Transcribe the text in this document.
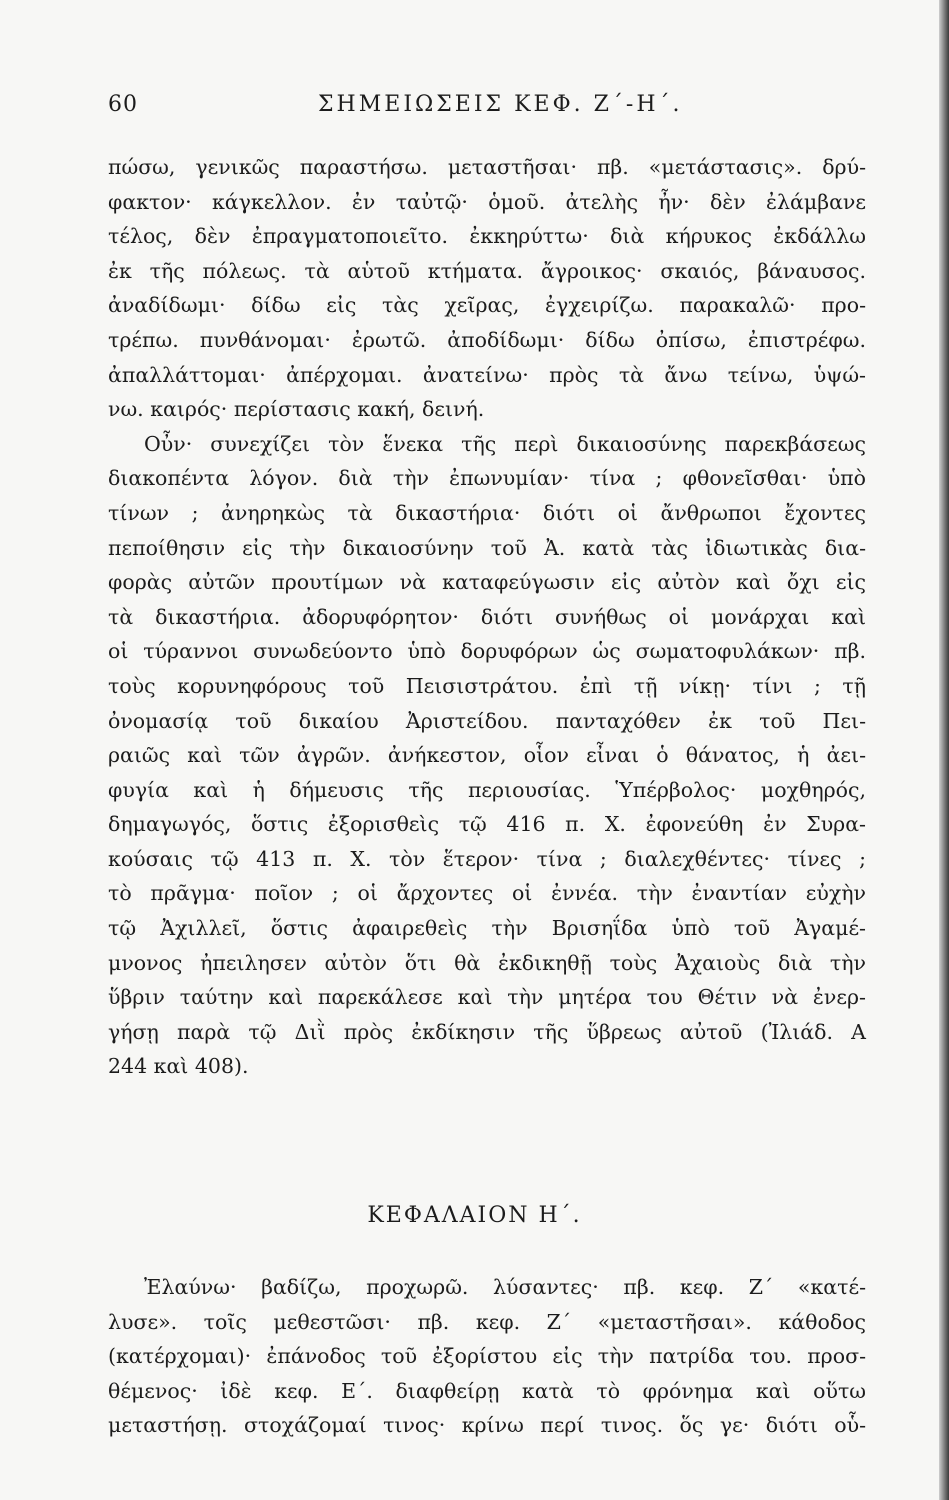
60	ΣΗΜΕΙΩΣΕΙΣ ΚΕΦ. Ζ΄-Η΄.
πώσω, γενικῶς παραστήσω. μεταστῆσαι· πβ. «μετάστασις». δρύ-
φακτον· κάγκελλον. ἐν ταὐτῷ· ὁμοῦ. ἀτελὴς ἦν· δὲν ἐλάμβανε
τέλος, δὲν ἐπραγματοποιεῖτο. ἐκκηρύττω· διὰ κήρυκος ἐκδάλλω
ἐκ τῆς πόλεως. τὰ αὑτοῦ κτήματα. ἄγροικος· σκαιός, βάναυσος.
ἀναδίδωμι· δίδω εἰς τὰς χεῖρας, ἐγχειρίζω. παρακαλῶ· προ-
τρέπω. πυνθάνομαι· ἐρωτῶ. ἀποδίδωμι· δίδω ὀπίσω, ἐπιστρέφω.
ἀπαλλάττομαι· ἀπέρχομαι. ἀνατείνω· πρὸς τὰ ἄνω τείνω, ὑψώ-
νω. καιρός· περίστασις κακή, δεινή.
Οὖν· συνεχίζει τὸν ἕνεκα τῆς περὶ δικαιοσύνης παρεκβάσεως
διακοπέντα λόγον. διὰ τὴν ἐπωνυμίαν· τίνα ; φθονεῖσθαι· ὑπὸ
τίνων ; ἀνηρηκὼς τὰ δικαστήρια· διότι οἱ ἄνθρωποι ἔχοντες
πεποίθησιν εἰς τὴν δικαιοσύνην τοῦ Ἀ. κατὰ τὰς ἰδιωτικὰς δια-
φορὰς αὐτῶν προυτίμων νὰ καταφεύγωσιν εἰς αὐτὸν καὶ ὄχι εἰς
τὰ δικαστήρια. ἀδορυφόρητον· διότι συνήθως οἱ μονάρχαι καὶ
οἱ τύραννοι συνωδεύοντο ὑπὸ δορυφόρων ὡς σωματοφυλάκων· πβ.
τοὺς κορυνηφόρους τοῦ Πεισιστράτου. ἐπὶ τῇ νίκῃ· τίνι ; τῇ
ὀνομασίᾳ τοῦ δικαίου Ἀριστείδου. πανταχόθεν ἐκ τοῦ Πει-
ραιῶς καὶ τῶν ἀγρῶν. ἀνήκεστον, οἷον εἶναι ὁ θάνατος, ἡ ἀει-
φυγία καὶ ἡ δήμευσις τῆς περιουσίας. Ὑπέρβολος· μοχθηρός,
δημαγωγός, ὅστις ἐξορισθεὶς τῷ 416 π. Χ. ἐφονεύθη ἐν Συρα-
κούσαις τῷ 413 π. Χ. τὸν ἕτερον· τίνα ; διαλεχθέντες· τίνες ;
τὸ πρᾶγμα· ποῖον ; οἱ ἄρχοντες οἱ ἐννέα. τὴν ἐναντίαν εὐχὴν
τῷ Ἀχιλλεῖ, ὅστις ἀφαιρεθεὶς τὴν Βρισηΐδα ὑπὸ τοῦ Ἀγαμέ-
μνονος ἠπειλησεν αὐτὸν ὅτι θὰ ἐκδικηθῇ τοὺς Ἀχαιοὺς διὰ τὴν
ὕβριν ταύτην καὶ παρεκάλεσε καὶ τὴν μητέρα του Θέτιν νὰ ἐνερ-
γήσῃ παρὰ τῷ Διῒ πρὸς ἐκδίκησιν τῆς ὕβρεως αὐτοῦ (Ἰλιάδ. Α
244 καὶ 408).
ΚΕΦΑΛΑΙΟΝ Η΄.
Ἐλαύνω· βαδίζω, προχωρῶ. λύσαντες· πβ. κεφ. Ζ΄ «κατέ-
λυσε». τοῖς μεθεστῶσι· πβ. κεφ. Ζ΄ «μεταστῆσαι». κάθοδος
(κατέρχομαι)· ἐπάνοδος τοῦ ἐξορίστου εἰς τὴν πατρίδα του. προσ-
θέμενος· ἰδὲ κεφ. Ε΄. διαφθείρῃ κατὰ τὸ φρόνημα καὶ οὕτω
μεταστήσῃ. στοχάζομαί τινος· κρίνω περί τινος. ὅς γε· διότι οὗ-
